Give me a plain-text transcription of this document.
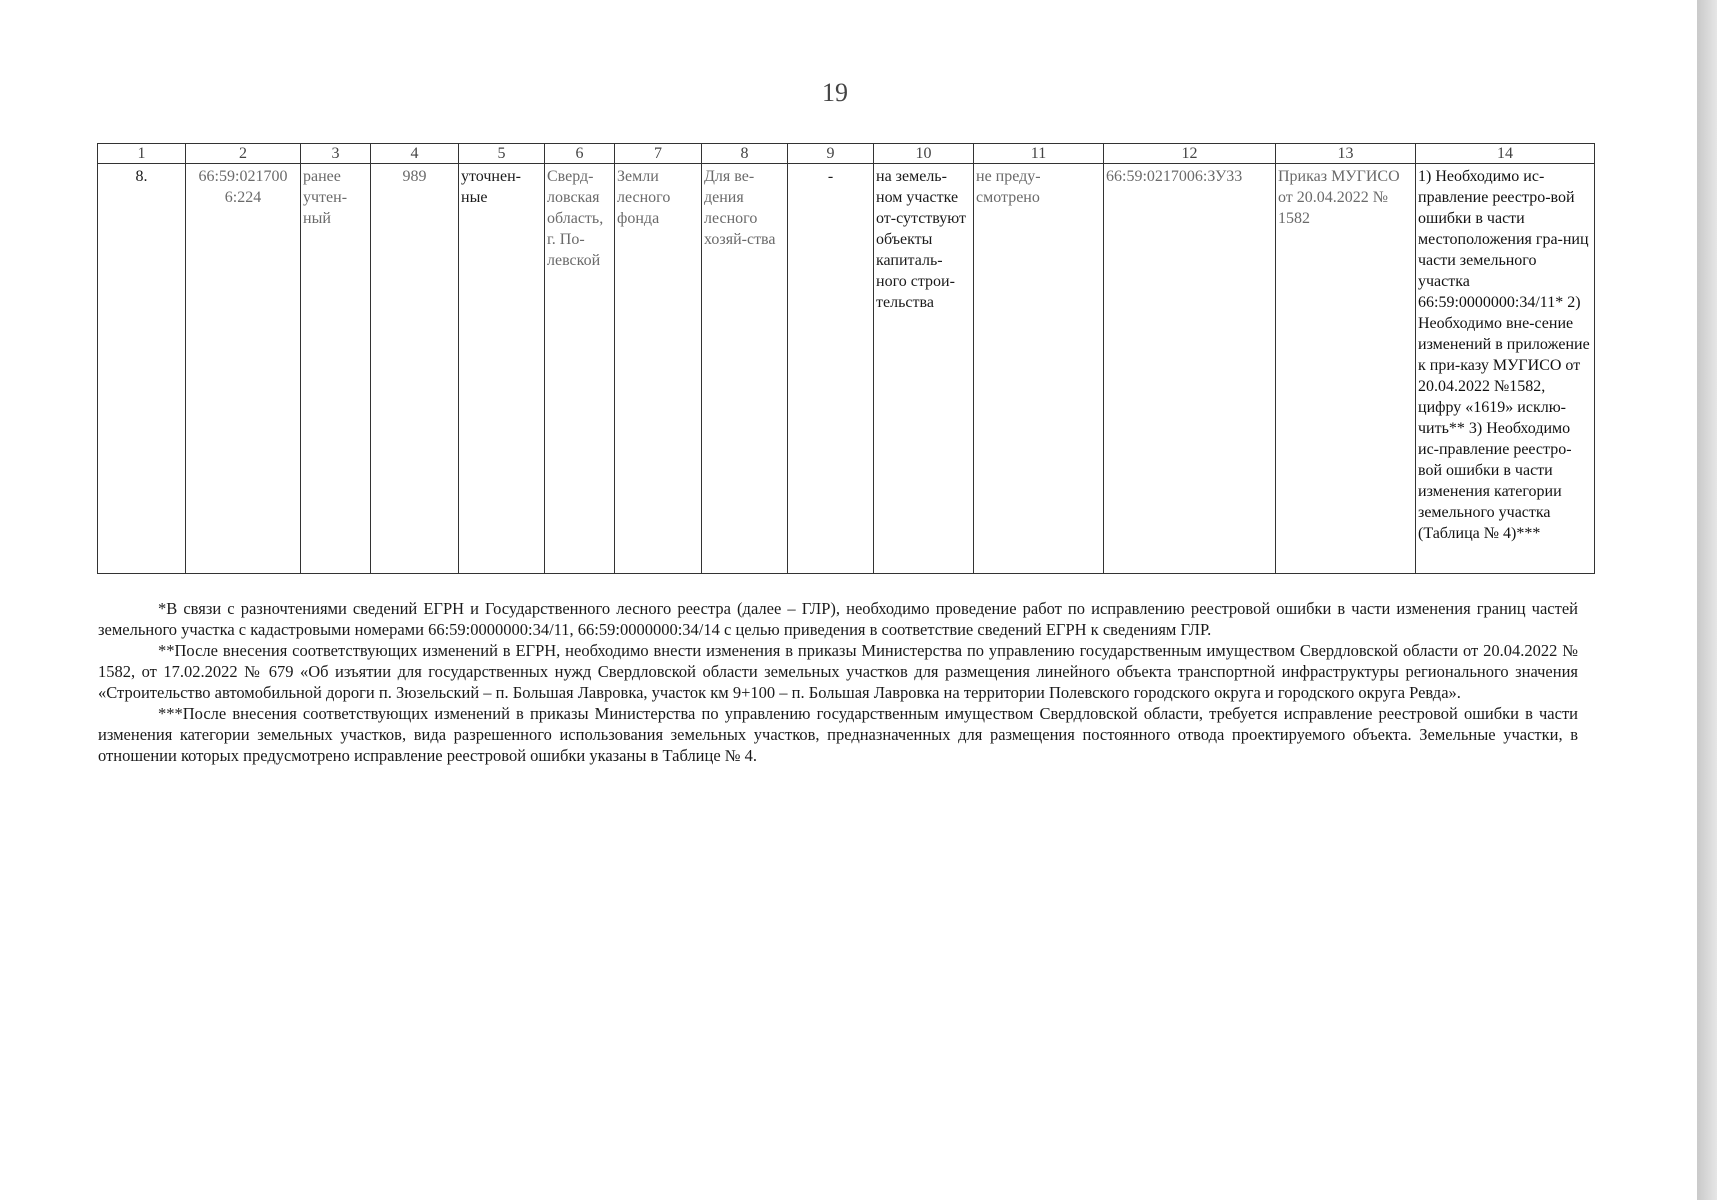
19
1	2	3	4	5	6	7	8	9	10	11	12	13	14
8.	66:59:021700 6:224	ранее учтен-ный	989	уточнен-ные	Сверд-ловская область, г. По-левской	Земли лесного фонда	Для ве-дения лесного хозяй-ства	-	на земель-ном участке от-сутствуют объекты капиталь-ного строи-тельства	не преду-смотрено	66:59:0217006:ЗУ33	Приказ МУГИСО от 20.04.2022 № 1582	1) Необходимо ис-правление реестро-вой ошибки в части местоположения гра-ниц части земельного участка 66:59:0000000:34/11* 2) Необходимо вне-сение изменений в приложение к при-казу МУГИСО от 20.04.2022 №1582, цифру «1619» исклю-чить** 3) Необходимо ис-правление реестро-вой ошибки в части изменения категории земельного участка (Таблица № 4)***

*В связи с разночтениями сведений ЕГРН и Государственного лесного реестра (далее – ГЛР), необходимо проведение работ по исправлению реестровой ошибки в части изменения границ частей земельного участка с кадастровыми номерами 66:59:0000000:34/11, 66:59:0000000:34/14 с целью приведения в соответствие сведений ЕГРН к сведениям ГЛР.

**После внесения соответствующих изменений в ЕГРН, необходимо внести изменения в приказы Министерства по управлению государственным имуществом Свердловской области от 20.04.2022 № 1582, от 17.02.2022 № 679 «Об изъятии для государственных нужд Свердловской области земельных участков для размещения линейного объекта транспортной инфраструктуры регионального значения «Строительство автомобильной дороги п. Зюзельский – п. Большая Лавровка, участок км 9+100 – п. Большая Лавровка на территории Полевского городского округа и городского округа Ревда».

***После внесения соответствующих изменений в приказы Министерства по управлению государственным имуществом Свердловской области, требуется исправление реестровой ошибки в части изменения категории земельных участков, вида разрешенного использования земельных участков, предназначенных для размещения постоянного отвода проектируемого объекта. Земельные участки, в отношении которых предусмотрено исправление реестровой ошибки указаны в Таблице № 4.
